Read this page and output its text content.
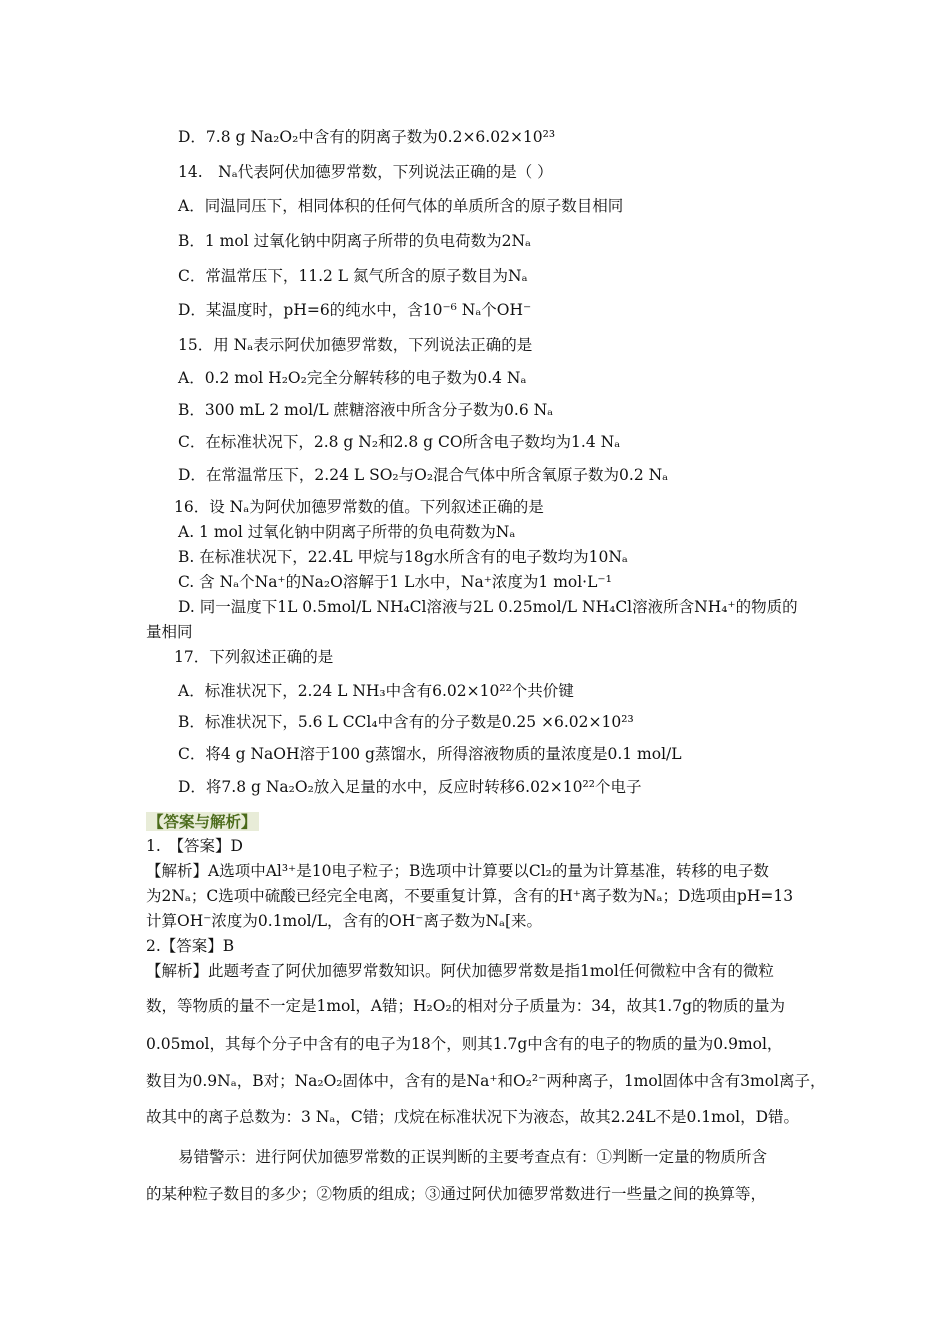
D．7.8 g Na₂O₂中含有的阴离子数为0.2×6.02×10²³
14.　Nₐ代表阿伏加德罗常数，下列说法正确的是（ ）
A．同温同压下，相同体积的任何气体的单质所含的原子数目相同
B．1 mol 过氧化钠中阴离子所带的负电荷数为2Nₐ
C．常温常压下，11.2 L 氮气所含的原子数目为Nₐ
D．某温度时，pH=6的纯水中，含10⁻⁶ Nₐ个OH⁻
15．用 Nₐ表示阿伏加德罗常数，下列说法正确的是
A．0.2 mol H₂O₂完全分解转移的电子数为0.4 Nₐ
B．300 mL 2 mol/L 蔗糖溶液中所含分子数为0.6 Nₐ
C．在标准状况下，2.8 g N₂和2.8 g CO所含电子数均为1.4 Nₐ
D．在常温常压下，2.24 L SO₂与O₂混合气体中所含氧原子数为0.2 Nₐ
16．设 Nₐ为阿伏加德罗常数的值。下列叙述正确的是
A. 1 mol 过氧化钠中阴离子所带的负电荷数为Nₐ
B. 在标准状况下，22.4L 甲烷与18g水所含有的电子数均为10Nₐ
C. 含 Nₐ个Na⁺的Na₂O溶解于1 L水中，Na⁺浓度为1 mol·L⁻¹
D. 同一温度下1L 0.5mol/L NH₄Cl溶液与2L 0.25mol/L NH₄Cl溶液所含NH₄⁺的物质的
量相同
17．下列叙述正确的是
A．标准状况下，2.24 L NH₃中含有6.02×10²²个共价键
B．标准状况下，5.6 L CCl₄中含有的分子数是0.25 ×6.02×10²³
C．将4 g NaOH溶于100 g蒸馏水，所得溶液物质的量浓度是0.1 mol/L
D．将7.8 g Na₂O₂放入足量的水中，反应时转移6.02×10²²个电子
【答案与解析】
1.　【答案】D
【解析】A选项中Al³⁺是10电子粒子；B选项中计算要以Cl₂的量为计算基准，转移的电子数
为2Nₐ；C选项中硫酸已经完全电离，不要重复计算，含有的H⁺离子数为Nₐ；D选项由pH=13
计算OH⁻浓度为0.1mol/L，含有的OH⁻离子数为Nₐ[来。
2.【答案】B
【解析】此题考查了阿伏加德罗常数知识。阿伏加德罗常数是指1mol任何微粒中含有的微粒
数，等物质的量不一定是1mol，A错；H₂O₂的相对分子质量为：34，故其1.7g的物质的量为
0.05mol，其每个分子中含有的电子为18个，则其1.7g中含有的电子的物质的量为0.9mol，
数目为0.9Nₐ，B对；Na₂O₂固体中，含有的是Na⁺和O₂²⁻两种离子，1mol固体中含有3mol离子，
故其中的离子总数为：3 Nₐ，C错；戊烷在标准状况下为液态，故其2.24L不是0.1mol，D错。
易错警示：进行阿伏加德罗常数的正误判断的主要考查点有：①判断一定量的物质所含
的某种粒子数目的多少；②物质的组成；③通过阿伏加德罗常数进行一些量之间的换算等，
